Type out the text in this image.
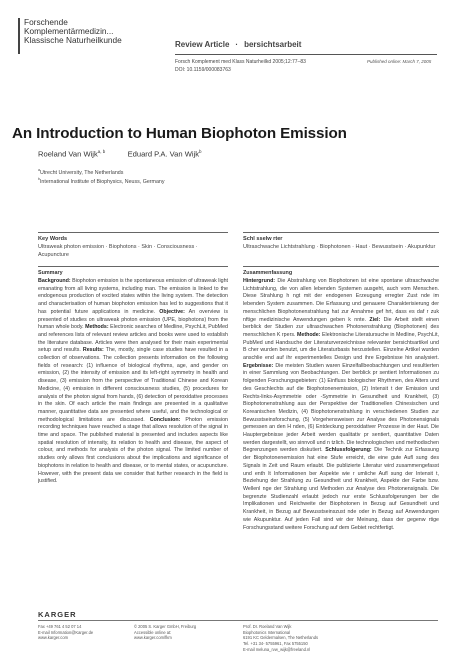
Forschende
Komplementärmedizin...
Klassische Naturheilkunde	Review Article · bersichtsarbeit
Forsch Komplement med Klass Naturheilkd 2005;12:77–83
DOI: 10.1159/000083763
Published online: March 7, 2005
An Introduction to Human Biophoton Emission
Roeland Van Wijk$^{a, b}$	Eduard P.A. Van Wijk$^b$
$^a$Utrecht University, The Netherlands
$^b$International Institute of Biophysics, Neuss, Germany
Key Words
Ultraweak photon emission · Biophotons · Skin · Consciousness · Acupuncture
Schl sselw rter
Ultraschwache Lichtstrahlung · Biophotonen · Haut · Bewusstsein · Akupunktur
Summary
Background: Biophoton emission is the spontaneous emission of ultraweak light emanating from all living systems, including man. The emission is linked to the endogenous production of excited states within the living system. The detection and characterisation of human biophoton emission has led to suggestions that it has potential future applications in medicine. Objective: An overview is presented of studies on ultraweak photon emission (UPE, biophotons) from the human whole body. Methods: Electronic searches of Medline, PsychLit, PubMed and references lists of relevant review articles and books were used to establish the literature database. Articles were then analysed for their main experimental setup and results. Results: The, mostly, single case studies have resulted in a collection of observations. The collection presents information on the following fields of research: (1) influence of biological rhythms, age, and gender on emission, (2) the intensity of emission and its left-right symmetry in health and disease, (3) emission from the perspective of Traditional Chinese and Korean Medicine, (4) emission in different consciousness studies, (5) procedures for analysis of the photon signal from hands, (6) detection of peroxidative processes in the skin. Of each article the main findings are presented in a qualitative manner, quantitative data are presented where useful, and the technological or methodological limitations are discussed. Conclusion: Photon emission recording techniques have reached a stage that allows resolution of the signal in time and space. The published material is presented and includes aspects like spatial resolution of intensity, its relation to health and disease, the aspect of colour, and methods for analysis of the photon signal. The limited number of studies only allows first conclusions about the implications and significance of biophotons in relation to health and disease, or to mental states, or acupuncture. However, with the present data we consider that further research in the field is justified.
Zusammenfassung
Hintergrund: Die Abstrahlung von Biophotonen ist eine spontane ultraschwache Lichtstrahlung, die von allen lebenden Systemen ausgeht, auch vom Menschen. Diese Strahlung h ngt mit der endogenen Erzeugung erregter Zust nde im lebenden System zusammen. Die Erfassung und genauere Charakterisierung der menschlichen Biophotonenstrahlung hat zur Annahme gef hrt, dass es daf r zuk nftige medizinische Anwendungen geben k nnte. Ziel: Die Arbeit stellt einen berblick der Studien zur ultraschwachen Photonenstrahlung (Biophotonen) des menschlichen K rpers. Methode: Elektronische Literatursuche in Medline, PsychLit, PubMed und Handsuche der Literaturverzeichnisse relevanter bersichtsartikel und B cher wurden benutzt, um die Literaturbasis herzustellen. Einzelne Artikel wurden anschlie end auf ihr experimentelles Design und ihre Ergebnisse hin analysiert. Ergebnisse: Die meisten Studien waren Einzelfallbeobachtungen und resultierten in einer Sammlung von Beobachtungen. Der berblick pr sentiert Informationen zu folgenden Forschungsgebieten: (1) Einfluss biologischer Rhythmen, des Alters und des Geschlechts auf die Biophotonenemission, (2) Intensit t der Emission und Rechts-links-Asymmetrie oder -Symmetrie in Gesundheit und Krankheit, (3) Biophotonenstrahlung aus der Perspektive der Traditionellen Chinesischen und Koreanischen Medizin, (4) Biophotonenstrahlung in verschiedenen Studien zur Bewusstseinsforschung, (5) Vorgehensweisen zur Analyse des Photonensignals gemessen an den H nden, (6) Entdeckung peroxidativer Prozesse in der Haut. Die Hauptergebnisse jeder Arbeit werden qualitativ pr sentiert, quantitative Daten werden dargestellt, wo sinnvoll und n tzlich. Die technologischen und methodischen Begrenzungen werden diskutiert. Schlussfolgerung: Die Technik zur Erfassung der Biophotonenemission hat eine Stufe erreicht, die eine gute Aufl sung des Signals in Zeit und Raum erlaubt. Die publizierte Literatur wird zusammengefasst und enth lt Informationen ber Aspekte wie r umliche Aufl sung der Intensit t, Beziehung der Strahlung zu Gesundheit und Krankheit, Aspekte der Farbe bzw. Wellenl nge der Strahlung und Methoden zur Analyse des Photonensignals. Die begrenzte Studienzahl erlaubt jedoch nur erste Schlussfolgerungen ber die Implikationen und Reichweite der Biophotonen in Bezug auf Gesundheit und Krankheit, in Bezug auf Bewusstseinszust nde oder in Bezug auf Anwendungen wie Akupunktur. Auf jeden Fall sind wir der Meinung, dass der gegenw rtige Forschungsstand weitere Forschung auf dem Gebiet rechtfertigt.
KARGER
Fax +49 761 4 52 07 14
E-mail Information@Karger.de
www.karger.com
© 2005 S. Karger GmbH, Freiburg
Accessible online at:
www.karger.com/fkm
Prof. Dr. Roeland Van Wijk
Biophotonics International
6191 KC Geldermalsen, The Netherlands
Tel. +31 34- 5755961, Fax 5755150
E-mail meluna_rvw_wijk@freeland.nl
